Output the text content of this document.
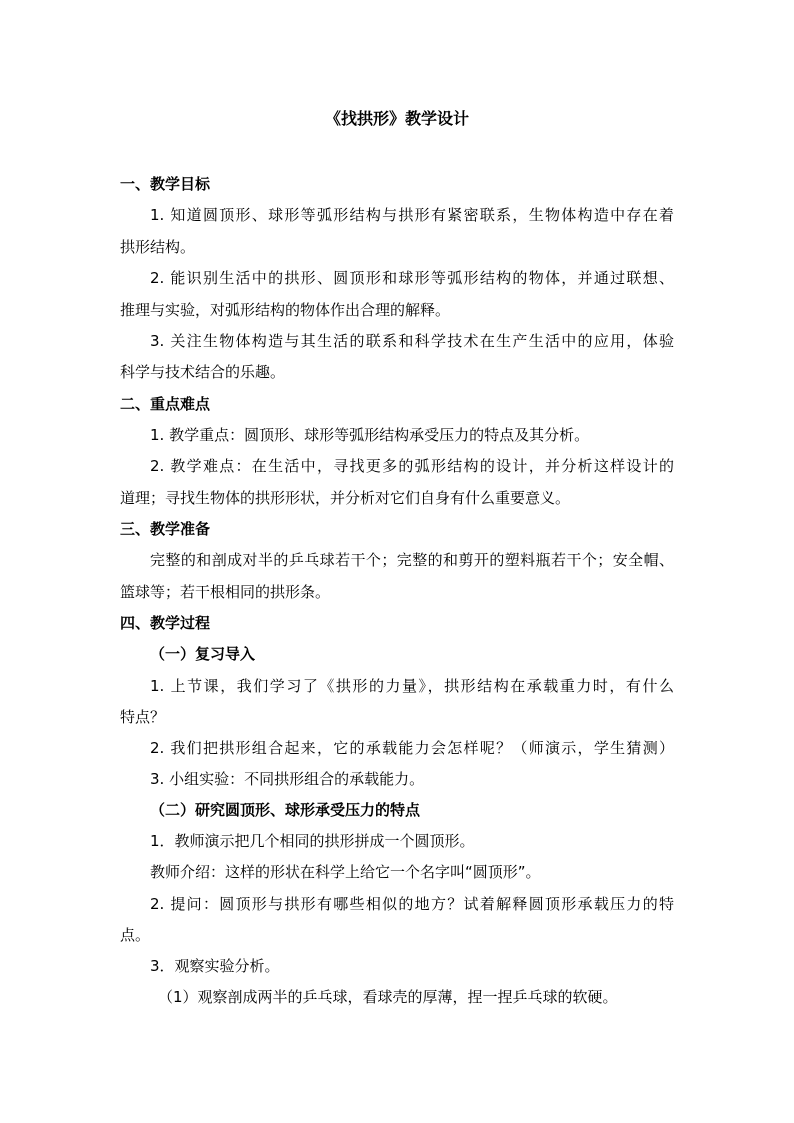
《找拱形》教学设计
一、教学目标
1. 知道圆顶形、球形等弧形结构与拱形有紧密联系，生物体构造中存在着
拱形结构。
2. 能识别生活中的拱形、圆顶形和球形等弧形结构的物体，并通过联想、
推理与实验，对弧形结构的物体作出合理的解释。
3. 关注生物体构造与其生活的联系和科学技术在生产生活中的应用，体验
科学与技术结合的乐趣。
二、重点难点
1. 教学重点：圆顶形、球形等弧形结构承受压力的特点及其分析。
2. 教学难点：在生活中，寻找更多的弧形结构的设计，并分析这样设计的
道理；寻找生物体的拱形形状，并分析对它们自身有什么重要意义。
三、教学准备
完整的和剖成对半的乒乓球若干个；完整的和剪开的塑料瓶若干个；安全帽、
篮球等；若干根相同的拱形条。
四、教学过程
（一）复习导入
1. 上节课，我们学习了《拱形的力量》，拱形结构在承载重力时，有什么
特点？
2. 我们把拱形组合起来，它的承载能力会怎样呢？（师演示，学生猜测）
3. 小组实验：不同拱形组合的承载能力。
（二）研究圆顶形、球形承受压力的特点
1．教师演示把几个相同的拱形拼成一个圆顶形。
教师介绍：这样的形状在科学上给它一个名字叫“圆顶形”。
2. 提问：圆顶形与拱形有哪些相似的地方？试着解释圆顶形承载压力的特
点。
3．观察实验分析。
（1）观察剖成两半的乒乓球，看球壳的厚薄，捏一捏乒乓球的软硬。
